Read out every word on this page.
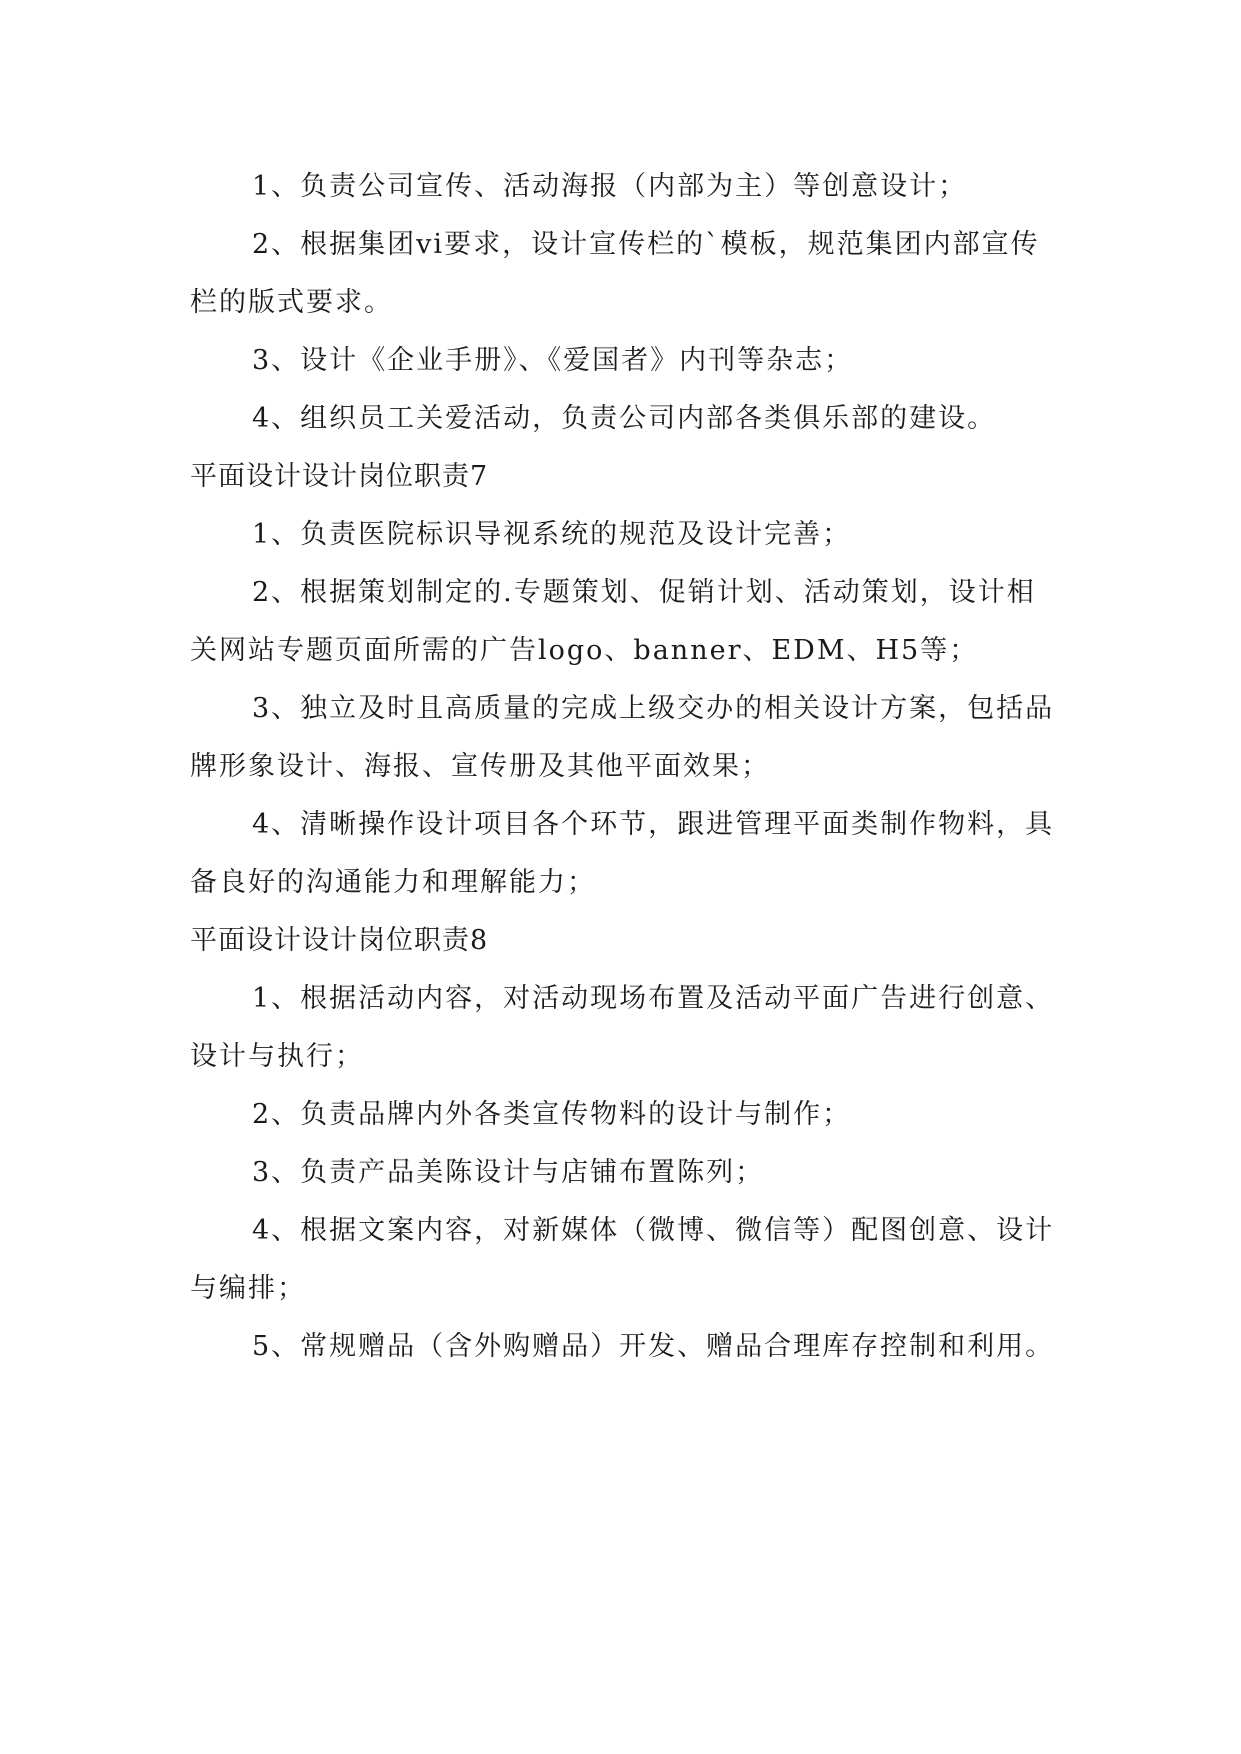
1、负责公司宣传、活动海报（内部为主）等创意设计；

2、根据集团vi要求，设计宣传栏的`模板，规范集团内部宣传栏的版式要求。

3、设计《企业手册》、《爱国者》内刊等杂志；

4、组织员工关爱活动，负责公司内部各类俱乐部的建设。

平面设计设计岗位职责7

1、负责医院标识导视系统的规范及设计完善；

2、根据策划制定的.专题策划、促销计划、活动策划，设计相关网站专题页面所需的广告logo、banner、EDM、H5等；

3、独立及时且高质量的完成上级交办的相关设计方案，包括品牌形象设计、海报、宣传册及其他平面效果；

4、清晰操作设计项目各个环节，跟进管理平面类制作物料，具备良好的沟通能力和理解能力；

平面设计设计岗位职责8

1、根据活动内容，对活动现场布置及活动平面广告进行创意、设计与执行；

2、负责品牌内外各类宣传物料的设计与制作；

3、负责产品美陈设计与店铺布置陈列；

4、根据文案内容，对新媒体（微博、微信等）配图创意、设计与编排；

5、常规赠品（含外购赠品）开发、赠品合理库存控制和利用。
